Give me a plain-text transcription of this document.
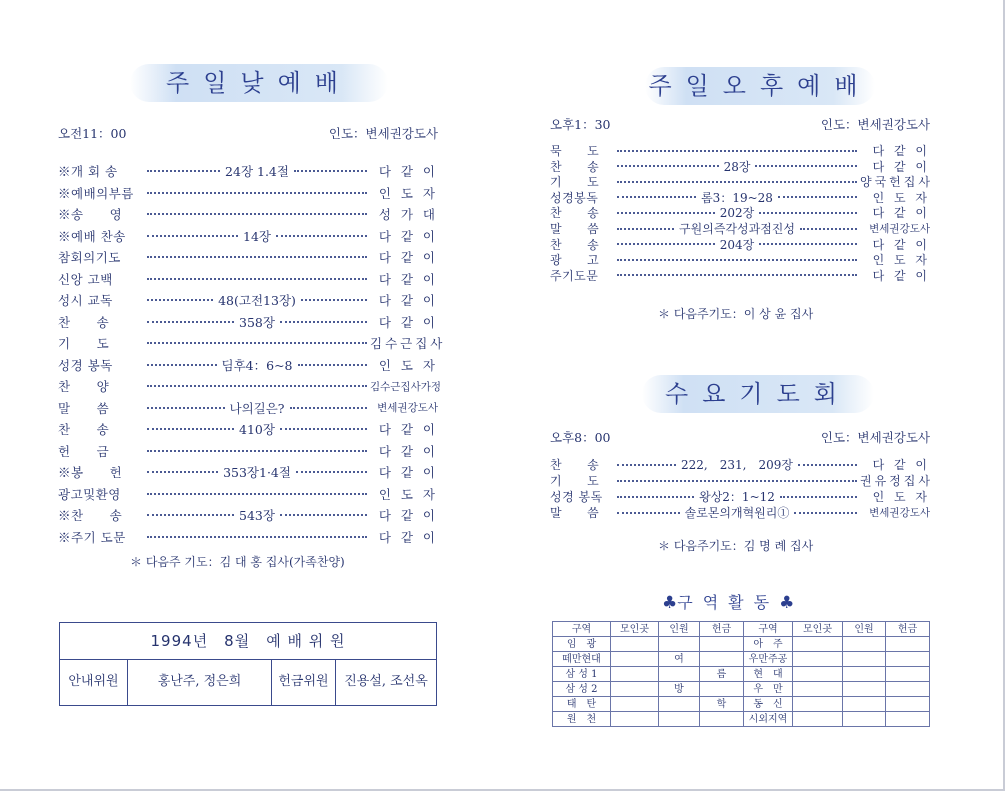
주일낮예배
오전11：00	인도：변세권강도사
※개 회 송	24장 1.4절	다 같 이
※예배의부름	인 도 자
※송　　영	성 가 대
※예배 찬송	14장	다 같 이
참회의기도	다 같 이
신앙 고백	다 같 이
성시 교독	48(고전13장)	다 같 이
찬　　송	358장	다 같 이
기　　도	김수근집사
성경 봉독	딤후4：6~8	인 도 자
찬　　양	김수근집사가정
말　　씀	나의길은?	변세권강도사
찬　　송	410장	다 같 이
헌　　금	다 같 이
※봉　　헌	353장1·4절	다 같 이
광고및환영	인 도 자
※찬　　송	543장	다 같 이
※주기 도문	다 같 이
＊ 다음주 기도：김 대 홍 집사(가족찬양)
1994년　8월　예 배 위 원
안내위원	홍난주, 정은희	헌금위원	진용설, 조선옥
주일오후예배
오후1：30	인도：변세권강도사
묵　　도	다 같 이
찬　　송	28장	다 같 이
기　　도	양국헌집사
성경봉독	롬3：19~28	인 도 자
찬　　송	202장	다 같 이
말　　씀	구원의즉각성과점진성	변세권강도사
찬　　송	204장	다 같 이
광　　고	인 도 자
주기도문	다 같 이
＊ 다음주기도：이 상 윤 집사
수요기도회
오후8：00	인도：변세권강도사
찬　　송	222,　231,　209장	다 같 이
기　　도	권유정집사
성경 봉독	왕상2：1~12	인 도 자
말　　씀	솔로몬의개혁원리①	변세권강도사
＊ 다음주기도：김 명 례 집사
♣구역활동♣
구역	모인곳	인원	헌금	구역	모인곳	인원	헌금
임　광				아　주			
떼만현대		여		우만주공			
삼 성 1			름	현　대			
삼 성 2		방		우　만			
태　탄			학	동　신			
원　천				시외지역			
